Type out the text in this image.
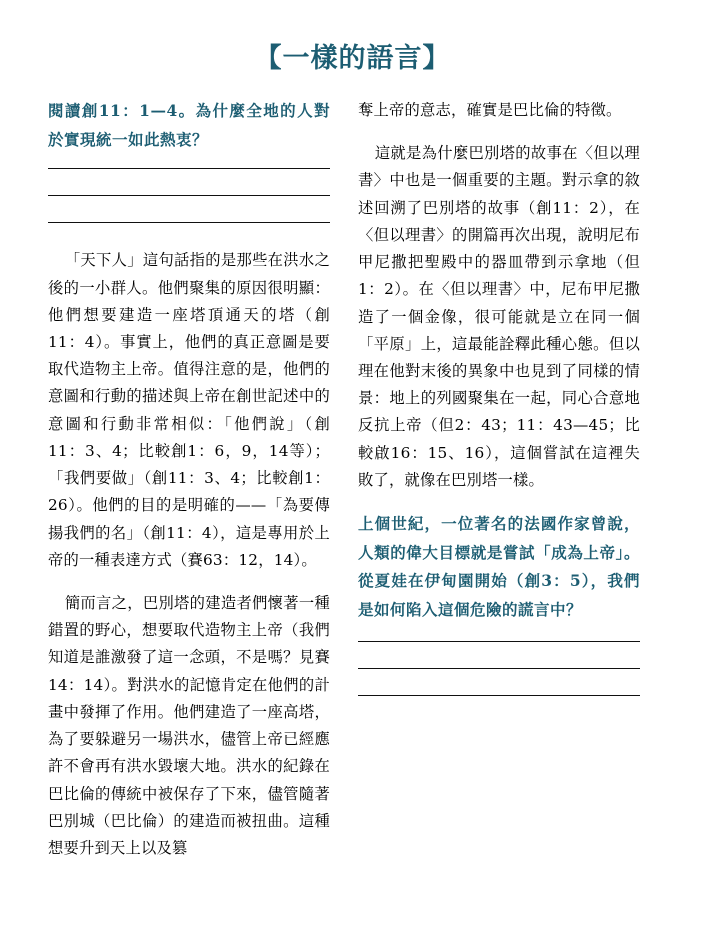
【一樣的語言】
閱讀創11：1—4。為什麼全地的人對於實現統一如此熱衷？

「天下人」這句話指的是那些在洪水之後的一小群人。他們聚集的原因很明顯：他們想要建造一座塔頂通天的塔（創11：4）。事實上，他們的真正意圖是要取代造物主上帝。值得注意的是，他們的意圖和行動的描述與上帝在創世記述中的意圖和行動非常相似：「他們說」（創11：3、4；比較創1：6，9，14等）；「我們要做」（創11：3、4；比較創1：26）。他們的目的是明確的——「為要傳揚我們的名」（創11：4），這是專用於上帝的一種表達方式（賽63：12，14）。

簡而言之，巴別塔的建造者們懷著一種錯置的野心，想要取代造物主上帝（我們知道是誰激發了這一念頭，不是嗎？見賽14：14）。對洪水的記憶肯定在他們的計畫中發揮了作用。他們建造了一座高塔，為了要躲避另一場洪水，儘管上帝已經應許不會再有洪水毀壞大地。洪水的紀錄在巴比倫的傳統中被保存了下來，儘管隨著巴別城（巴比倫）的建造而被扭曲。這種想要升到天上以及篡

奪上帝的意志，確實是巴比倫的特徵。

這就是為什麼巴別塔的故事在〈但以理書〉中也是一個重要的主題。對示拿的敘述回溯了巴別塔的故事（創11：2），在〈但以理書〉的開篇再次出現，說明尼布甲尼撒把聖殿中的器皿帶到示拿地（但1：2）。在〈但以理書〉中，尼布甲尼撒造了一個金像，很可能就是立在同一個「平原」上，這最能詮釋此種心態。但以理在他對末後的異象中也見到了同樣的情景：地上的列國聚集在一起，同心合意地反抗上帝（但2：43；11：43—45；比較啟16：15、16），這個嘗試在這裡失敗了，就像在巴別塔一樣。

上個世紀，一位著名的法國作家曾說，人類的偉大目標就是嘗試「成為上帝」。從夏娃在伊甸園開始（創3：5），我們是如何陷入這個危險的謊言中？
